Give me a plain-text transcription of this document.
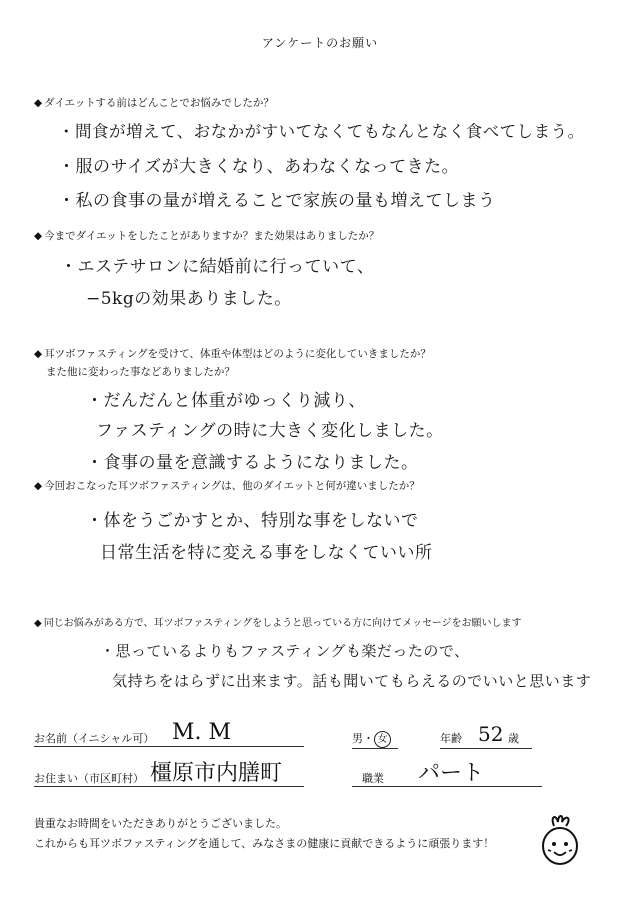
アンケートのお願い
◆ ダイエットする前はどんことでお悩みでしたか？
・間食が増えて、おなかがすいてなくてもなんとなく食べてしまう。
・服のサイズが大きくなり、あわなくなってきた。
・私の食事の量が増えることで家族の量も増えてしまう
◆ 今までダイエットをしたことがありますか？また効果はありましたか？
・エステサロンに結婚前に行っていて、
−5kgの効果ありました。
◆ 耳ツボファスティングを受けて、体重や体型はどのように変化していきましたか？
また他に変わった事などありましたか？
・だんだんと体重がゆっくり減り、
ファスティングの時に大きく変化しました。
・食事の量を意識するようになりました。
◆ 今回おこなった耳ツボファスティングは、他のダイエットと何が違いましたか？
・体をうごかすとか、特別な事をしないで
日常生活を特に変える事をしなくていい所
◆ 同じお悩みがある方で、耳ツボファスティングをしようと思っている方に向けてメッセージをお願いします
・思っているよりもファスティングも楽だったので、
気持ちをはらずに出来ます。話も聞いてもらえるのでいいと思います
お名前（イニシャル可） M. M	男・ 女	年齢 52 歳
お住まい（市区町村） 橿原市内膳町	職業 パート
貴重なお時間をいただきありがとうございました。
これからも耳ツボファスティングを通して、みなさまの健康に貢献できるように頑張ります！
